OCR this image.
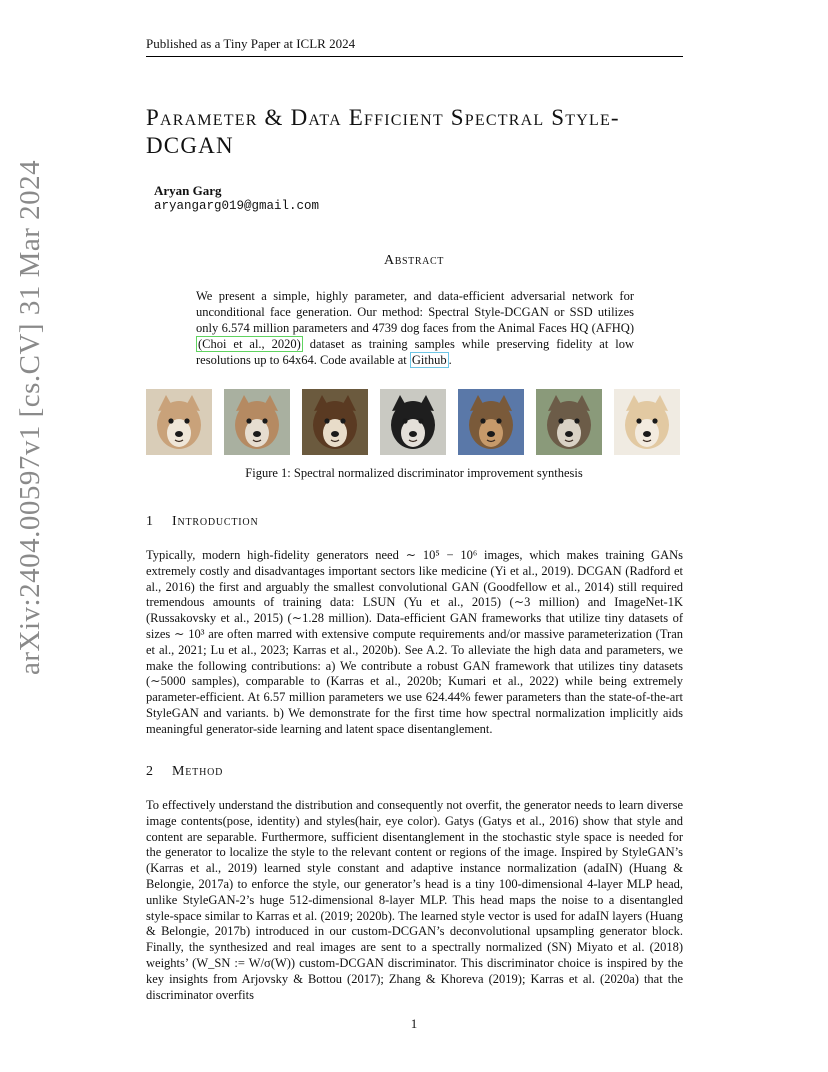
Published as a Tiny Paper at ICLR 2024
arXiv:2404.00597v1 [cs.CV] 31 Mar 2024
Parameter & Data Efficient Spectral Style-DCGAN
Aryan Garg
aryangarg019@gmail.com
Abstract
We present a simple, highly parameter, and data-efficient adversarial network for unconditional face generation. Our method: Spectral Style-DCGAN or SSD utilizes only 6.574 million parameters and 4739 dog faces from the Animal Faces HQ (AFHQ) (Choi et al., 2020) dataset as training samples while preserving fidelity at low resolutions up to 64x64. Code available at Github .
Figure 1: Spectral normalized discriminator improvement synthesis
1 Introduction
Typically, modern high-fidelity generators need ∼ 10⁵ − 10⁶ images, which makes training GANs extremely costly and disadvantages important sectors like medicine (Yi et al., 2019). DCGAN (Radford et al., 2016) the first and arguably the smallest convolutional GAN (Goodfellow et al., 2014) still required tremendous amounts of training data: LSUN (Yu et al., 2015) (∼3 million) and ImageNet-1K (Russakovsky et al., 2015) (∼1.28 million). Data-efficient GAN frameworks that utilize tiny datasets of sizes ∼ 10³ are often marred with extensive compute requirements and/or massive parameterization (Tran et al., 2021; Lu et al., 2023; Karras et al., 2020b). See A.2. To alleviate the high data and parameters, we make the following contributions: a) We contribute a robust GAN framework that utilizes tiny datasets (∼5000 samples), comparable to (Karras et al., 2020b; Kumari et al., 2022) while being extremely parameter-efficient. At 6.57 million parameters we use 624.44% fewer parameters than the state-of-the-art StyleGAN and variants. b) We demonstrate for the first time how spectral normalization implicitly aids meaningful generator-side learning and latent space disentanglement.
2 Method
To effectively understand the distribution and consequently not overfit, the generator needs to learn diverse image contents(pose, identity) and styles(hair, eye color). Gatys (Gatys et al., 2016) show that style and content are separable. Furthermore, sufficient disentanglement in the stochastic style space is needed for the generator to localize the style to the relevant content or regions of the image. Inspired by StyleGAN’s (Karras et al., 2019) learned style constant and adaptive instance normalization (adaIN) (Huang & Belongie, 2017a) to enforce the style, our generator’s head is a tiny 100-dimensional 4-layer MLP head, unlike StyleGAN-2’s huge 512-dimensional 8-layer MLP. This head maps the noise to a disentangled style-space similar to Karras et al. (2019; 2020b). The learned style vector is used for adaIN layers (Huang & Belongie, 2017b) introduced in our custom-DCGAN’s deconvolutional upsampling generator block. Finally, the synthesized and real images are sent to a spectrally normalized (SN) Miyato et al. (2018) weights’ (W_SN := W/σ(W)) custom-DCGAN discriminator. This discriminator choice is inspired by the key insights from Arjovsky & Bottou (2017); Zhang & Khoreva (2019); Karras et al. (2020a) that the discriminator overfits
1
